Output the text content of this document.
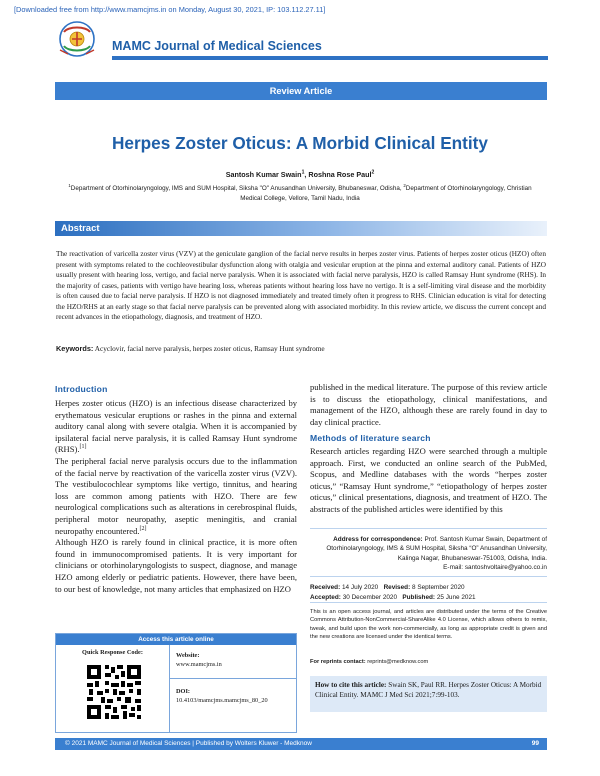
[Downloaded free from http://www.mamcjms.in on Monday, August 30, 2021, IP: 103.112.27.11]
MAMC Journal of Medical Sciences
Review Article
Herpes Zoster Oticus: A Morbid Clinical Entity
Santosh Kumar Swain$^1$, Roshna Rose Paul$^2$
$^1$Department of Otorhinolaryngology, IMS and SUM Hospital, Siksha "O" Anusandhan University, Bhubaneswar, Odisha, $^2$Department of Otorhinolaryngology, Christian Medical College, Vellore, Tamil Nadu, India
Abstract

The reactivation of varicella zoster virus (VZV) at the geniculate ganglion of the facial nerve results in herpes zoster virus. Patients of herpes zoster oticus (HZO) often present with symptoms related to the cochleovestibular dysfunction along with otalgia and vesicular eruption at the pinna and external auditory canal. Patients of HZO usually present with hearing loss, vertigo, and facial nerve paralysis. When it is associated with facial nerve paralysis, HZO is called Ramsay Hunt syndrome (RHS). In the majority of cases, patients with vertigo have hearing loss, whereas patients without hearing loss have no vertigo. It is a self-limiting viral disease and the morbidity is often caused due to facial nerve paralysis. If HZO is not diagnosed immediately and treated timely often it progress to RHS. Clinician education is vital for detecting the HZO/RHS at an early stage so that facial nerve paralysis can be prevented along with associated morbidity. In this review article, we discuss the current concept and recent advances in the etiopathology, diagnosis, and treatment of HZO.

Keywords: Acyclovir, facial nerve paralysis, herpes zoster oticus, Ramsay Hunt syndrome
Introduction

Herpes zoster oticus (HZO) is an infectious disease characterized by erythematous vesicular eruptions or rashes in the pinna and external auditory canal along with severe otalgia. When it is accompanied by ipsilateral facial nerve paralysis, it is called Ramsay Hunt syndrome (RHS).[1]

The peripheral facial nerve paralysis occurs due to the inflammation of the facial nerve by reactivation of the varicella zoster virus (VZV). The vestibulocochlear symptoms like vertigo, tinnitus, and hearing loss are common among patients with HZO. There are few neurological complications such as alterations in cerebrospinal fluids, peripheral motor neuropathy, aseptic meningitis, and cranial neuropathy encountered.[2]

Although HZO is rarely found in clinical practice, it is more often found in immunocompromised patients. It is very important for clinicians or otorhinolaryngologists to suspect, diagnose, and manage HZO among elderly or pediatric patients. However, there have been, to our best of knowledge, not many articles that emphasized on HZO

published in the medical literature. The purpose of this review article is to discuss the etiopathology, clinical manifestations, and management of the HZO, although these are rarely found in day to day clinical practice.

Methods of literature search

Research articles regarding HZO were searched through a multiple approach. First, we conducted an online search of the PubMed, Scopus, and Medline databases with the words “herpes zoster oticus,” “Ramsay Hunt syndrome,” “etiopathology of herpes zoster oticus,” clinical presentations, diagnosis, and treatment of HZO. The abstracts of the published articles were identified by this

Address for correspondence: Prof. Santosh Kumar Swain, Department of Otorhinolaryngology, IMS & SUM Hospital, Siksha “O” Anusandhan University, Kalinga Nagar, Bhubaneswar-751003, Odisha, India.
E-mail: santoshvoltaire@yahoo.co.in
Received: 14 July 2020 Revised: 8 September 2020
Accepted: 30 December 2020 Published: 25 June 2021
This is an open access journal, and articles are distributed under the terms of the Creative Commons Attribution-NonCommercial-ShareAlike 4.0 License, which allows others to remix, tweak, and build upon the work non-commercially, as long as appropriate credit is given and the new creations are licensed under the identical terms.
For reprints contact: reprints@medknow.com
How to cite this article: Swain SK, Paul RR. Herpes Zoster Oticus: A Morbid Clinical Entity. MAMC J Med Sci 2021;7:99-103.
Access this article online
Quick Response Code:	Website:
www.mamcjms.in
DOI:
10.4103/mamcjms.mamcjms_80_20
© 2021 MAMC Journal of Medical Sciences | Published by Wolters Kluwer - Medknow	99
